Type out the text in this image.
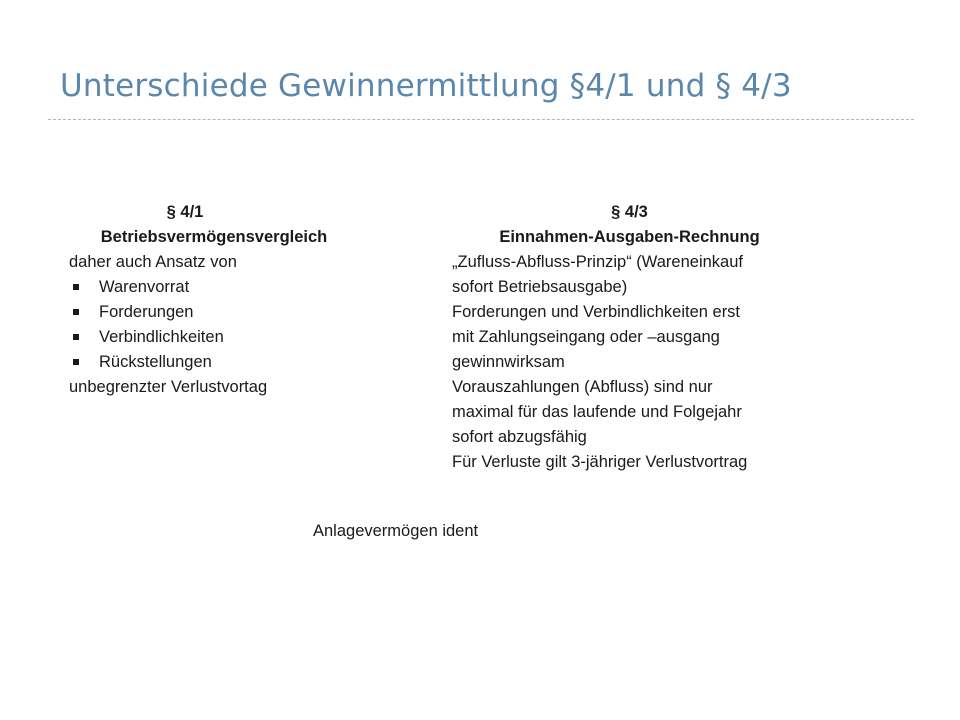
Unterschiede Gewinnermittlung §4/1 und § 4/3
§ 4/1
Betriebsvermögensvergleich
daher auch Ansatz von
Warenvorrat
Forderungen
Verbindlichkeiten
Rückstellungen
unbegrenzter Verlustvortag
§ 4/3
Einnahmen-Ausgaben-Rechnung
„Zufluss-Abfluss-Prinzip“ (Wareneinkauf
sofort Betriebsausgabe)
Forderungen und Verbindlichkeiten erst
mit Zahlungseingang oder –ausgang
gewinnwirksam
Vorauszahlungen (Abfluss) sind nur
maximal für das laufende und Folgejahr
sofort abzugsfähig
Für Verluste gilt 3-jähriger Verlustvortrag
Anlagevermögen ident
